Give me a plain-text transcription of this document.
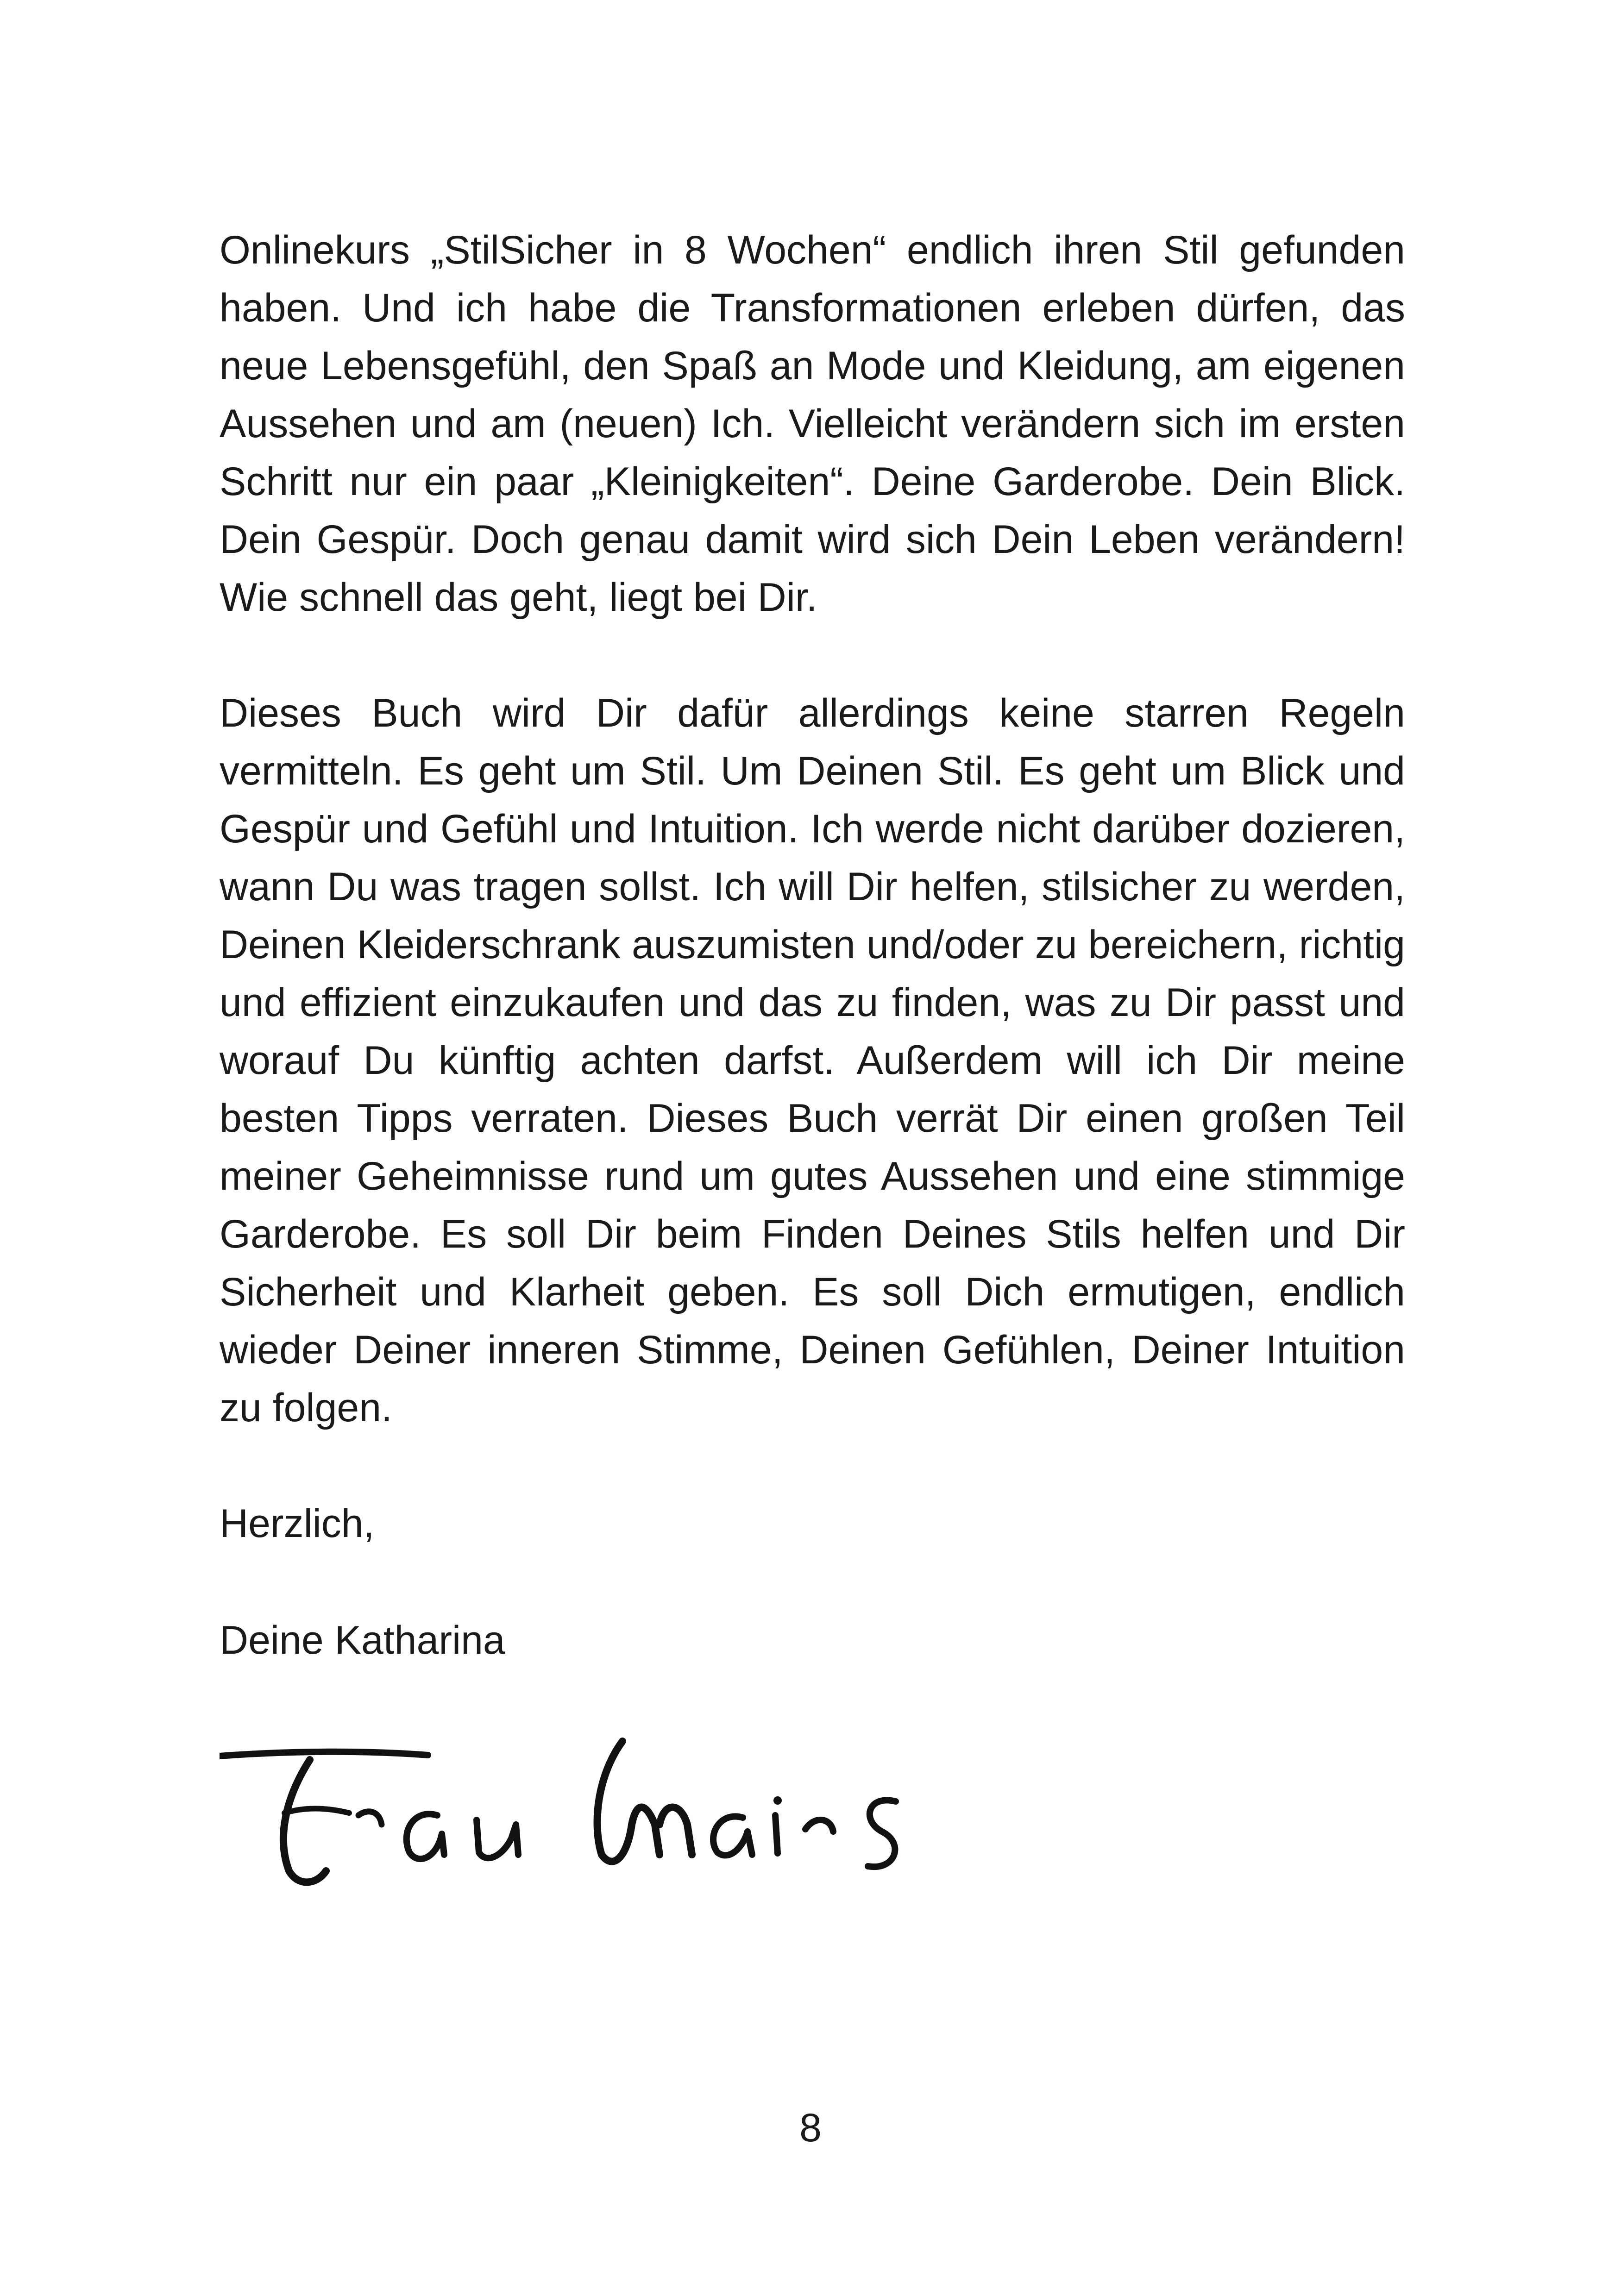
Onlinekurs „StilSicher in 8 Wochen“ endlich ihren Stil gefunden haben. Und ich habe die Transformationen erleben dürfen, das neue Lebensgefühl, den Spaß an Mode und Kleidung, am eigenen Aussehen und am (neuen) Ich. Vielleicht verändern sich im ersten Schritt nur ein paar „Kleinigkeiten“. Deine Garderobe. Dein Blick. Dein Gespür. Doch genau damit wird sich Dein Leben verändern! Wie schnell das geht, liegt bei Dir.

Dieses Buch wird Dir dafür allerdings keine starren Regeln vermitteln. Es geht um Stil. Um Deinen Stil. Es geht um Blick und Gespür und Gefühl und Intuition. Ich werde nicht darüber dozieren, wann Du was tragen sollst. Ich will Dir helfen, stilsicher zu werden, Deinen Kleiderschrank auszumisten und/oder zu bereichern, richtig und effizient einzukaufen und das zu finden, was zu Dir passt und worauf Du künftig achten darfst. Außerdem will ich Dir meine besten Tipps verraten. Dieses Buch verrät Dir einen großen Teil meiner Geheimnisse rund um gutes Aussehen und eine stimmige Garderobe. Es soll Dir beim Finden Deines Stils helfen und Dir Sicherheit und Klarheit geben. Es soll Dich ermutigen, endlich wieder Deiner inneren Stimme, Deinen Gefühlen, Deiner Intuition zu folgen.

Herzlich,
Deine Katharina
8
